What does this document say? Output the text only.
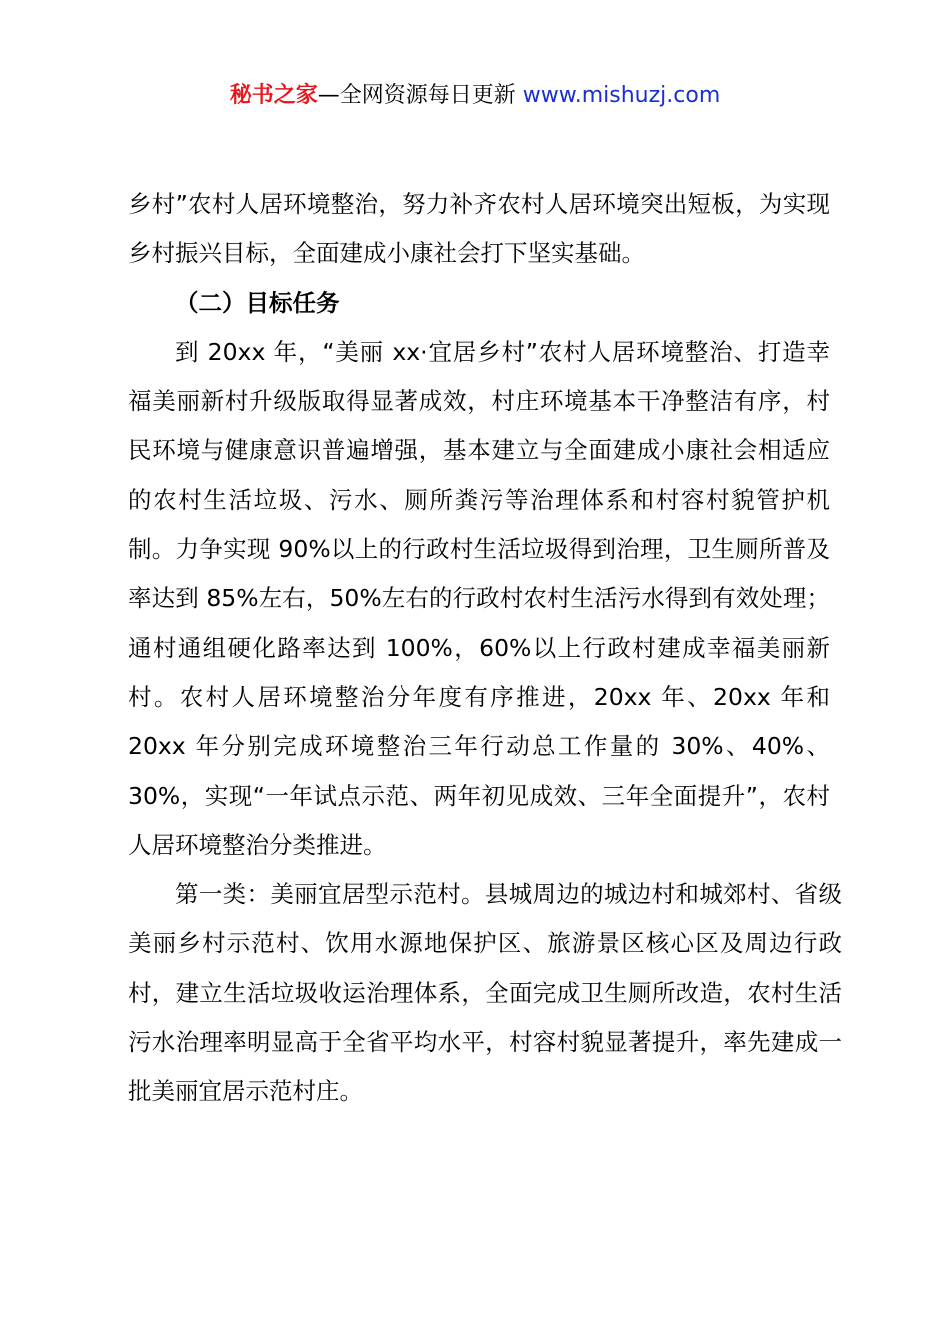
秘书之家—全网资源每日更新 www.mishuzj.com

乡村”农村人居环境整治，努力补齐农村人居环境突出短板，为实现乡村振兴目标，全面建成小康社会打下坚实基础。

（二）目标任务

到 20xx 年，“美丽 xx·宜居乡村”农村人居环境整治、打造幸福美丽新村升级版取得显著成效，村庄环境基本干净整洁有序，村民环境与健康意识普遍增强，基本建立与全面建成小康社会相适应的农村生活垃圾、污水、厕所粪污等治理体系和村容村貌管护机制。力争实现 90%以上的行政村生活垃圾得到治理，卫生厕所普及率达到 85%左右，50%左右的行政村农村生活污水得到有效处理；通村通组硬化路率达到 100%，60%以上行政村建成幸福美丽新村。农村人居环境整治分年度有序推进，20xx 年、20xx 年和 20xx 年分别完成环境整治三年行动总工作量的 30%、40%、30%，实现“一年试点示范、两年初见成效、三年全面提升”，农村人居环境整治分类推进。

第一类：美丽宜居型示范村。县城周边的城边村和城郊村、省级美丽乡村示范村、饮用水源地保护区、旅游景区核心区及周边行政村，建立生活垃圾收运治理体系，全面完成卫生厕所改造，农村生活污水治理率明显高于全省平均水平，村容村貌显著提升，率先建成一批美丽宜居示范村庄。
